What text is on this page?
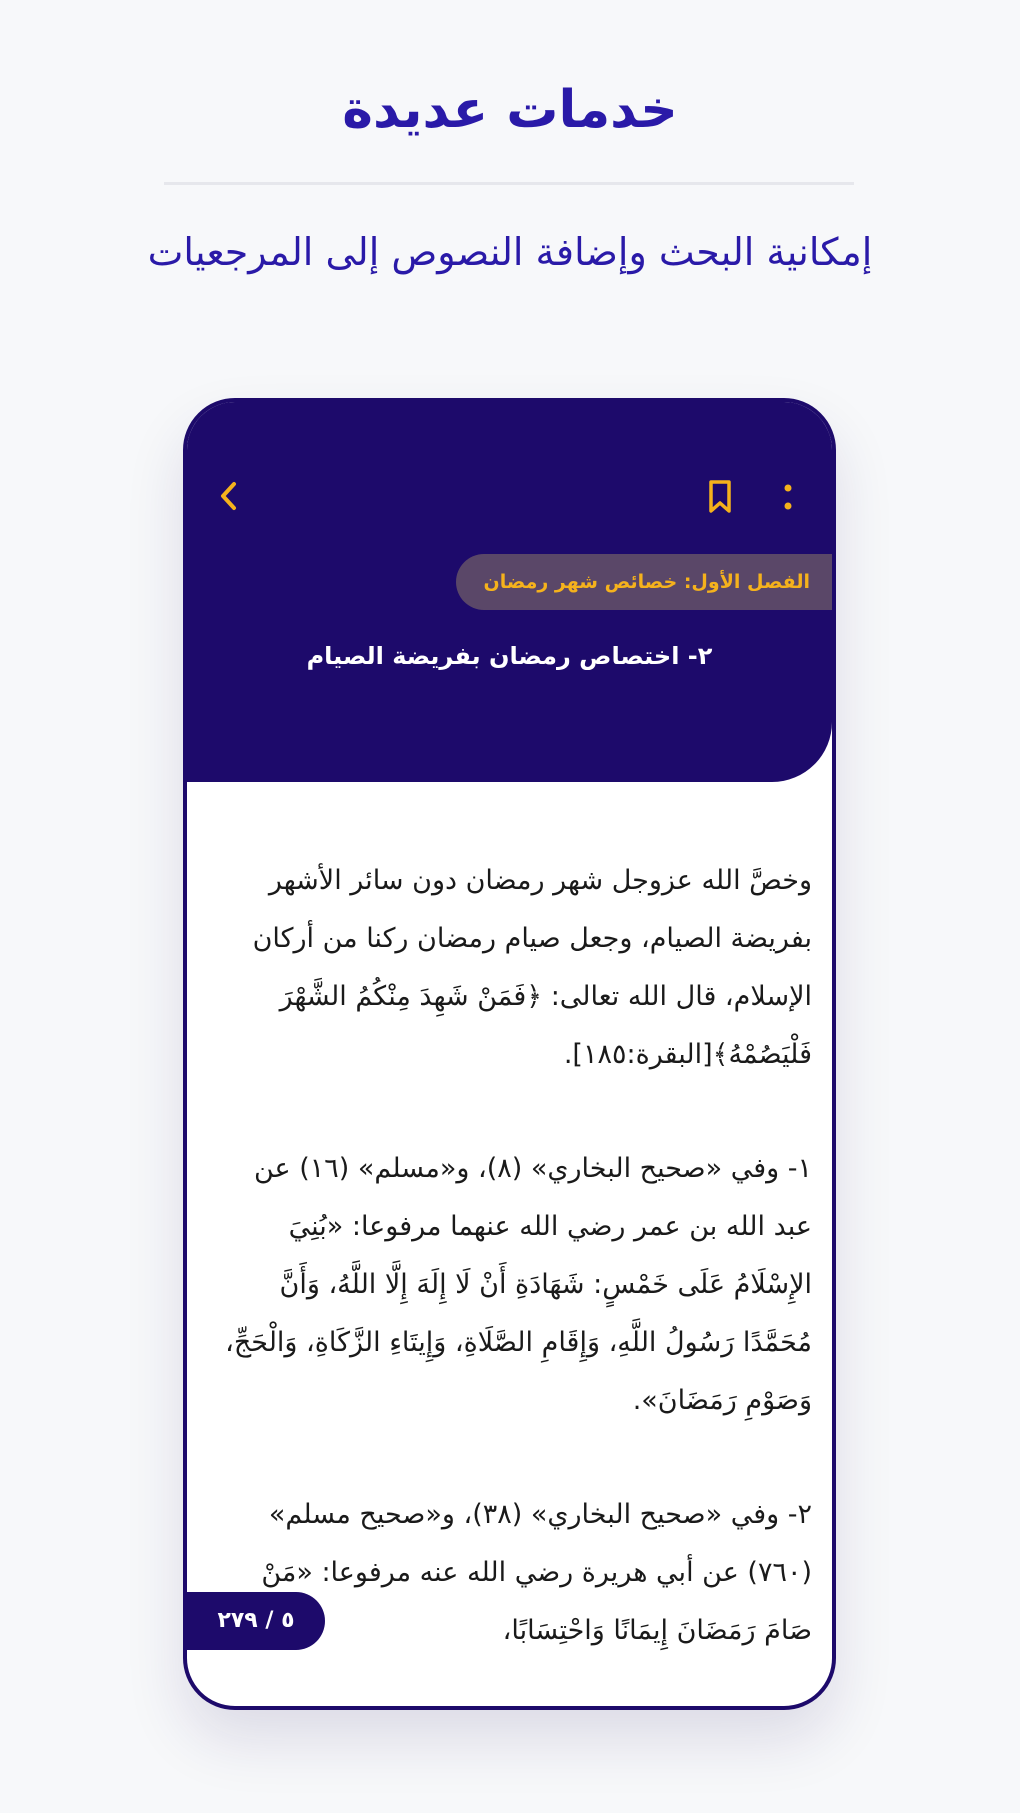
خدمات عديدة
إمكانية البحث وإضافة النصوص إلى المرجعيات
الفصل الأول: خصائص شهر رمضان
٢- اختصاص رمضان بفريضة الصيام

وخصَّ الله عزوجل شهر رمضان دون سائر الأشهر بفريضة الصيام، وجعل صيام رمضان ركنا من أركان الإسلام، قال الله تعالى: ﴿فَمَنْ شَهِدَ مِنْكُمُ الشَّهْرَ فَلْيَصُمْهُ﴾[البقرة:١٨٥].

١- وفي «صحيح البخاري» (٨)، و«مسلم» (١٦) عن عبد الله بن عمر رضي الله عنهما مرفوعا: «بُنِيَ الإِسْلَامُ عَلَى خَمْسٍ: شَهَادَةِ أَنْ لَا إِلَهَ إِلَّا اللَّهُ، وَأَنَّ مُحَمَّدًا رَسُولُ اللَّهِ، وَإِقَامِ الصَّلَاةِ، وَإِيتَاءِ الزَّكَاةِ، وَالْحَجِّ، وَصَوْمِ رَمَضَانَ».

٢- وفي «صحيح البخاري» (٣٨)، و«صحيح مسلم» (٧٦٠) عن أبي هريرة رضي الله عنه مرفوعا: «مَنْ صَامَ رَمَضَانَ إِيمَانًا وَاحْتِسَابًا،

٥ / ٢٧٩
